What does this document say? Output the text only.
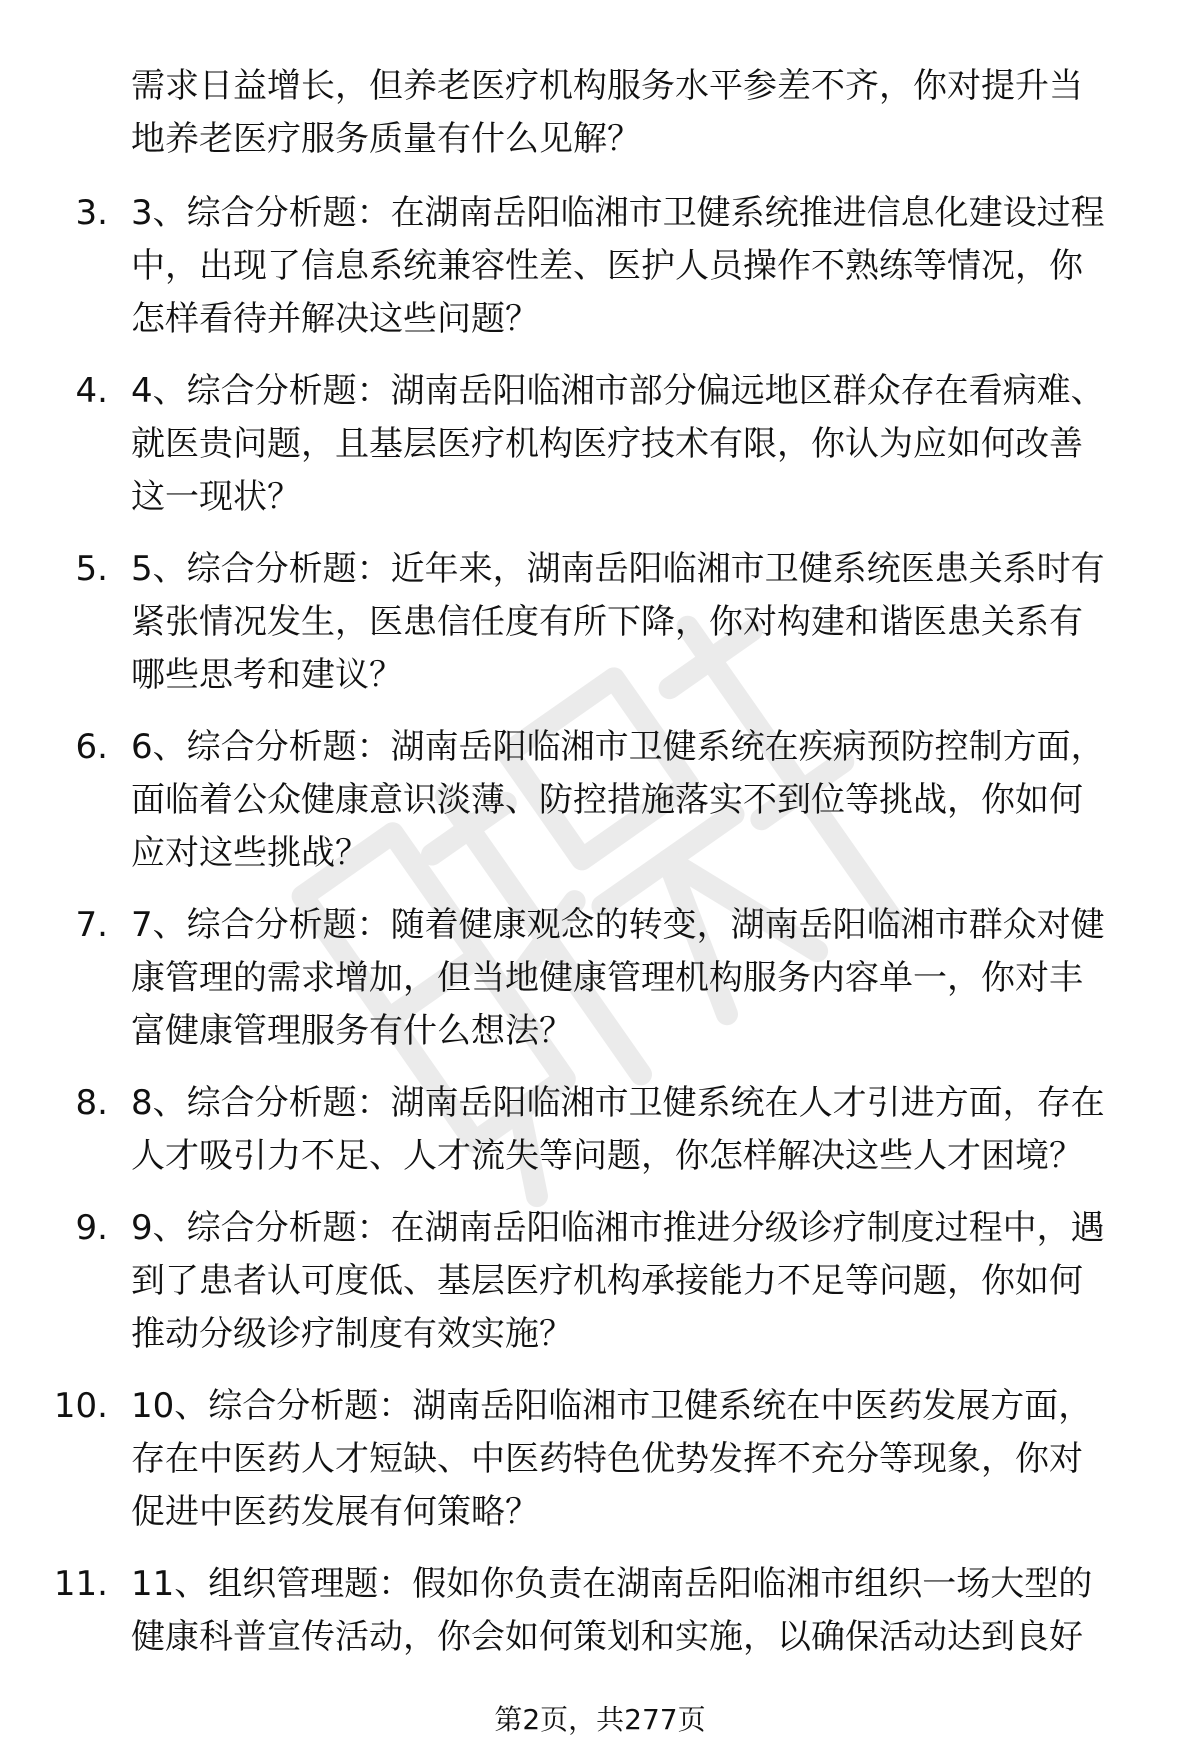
需求日益增长，但养老医疗机构服务水平参差不齐，你对提升当
地养老医疗服务质量有什么见解？
3. 3、综合分析题：在湖南岳阳临湘市卫健系统推进信息化建设过程
中，出现了信息系统兼容性差、医护人员操作不熟练等情况，你
怎样看待并解决这些问题？
4. 4、综合分析题：湖南岳阳临湘市部分偏远地区群众存在看病难、
就医贵问题，且基层医疗机构医疗技术有限，你认为应如何改善
这一现状？
5. 5、综合分析题：近年来，湖南岳阳临湘市卫健系统医患关系时有
紧张情况发生，医患信任度有所下降，你对构建和谐医患关系有
哪些思考和建议？
6. 6、综合分析题：湖南岳阳临湘市卫健系统在疾病预防控制方面，
面临着公众健康意识淡薄、防控措施落实不到位等挑战，你如何
应对这些挑战？
7. 7、综合分析题：随着健康观念的转变，湖南岳阳临湘市群众对健
康管理的需求增加，但当地健康管理机构服务内容单一，你对丰
富健康管理服务有什么想法？
8. 8、综合分析题：湖南岳阳临湘市卫健系统在人才引进方面，存在
人才吸引力不足、人才流失等问题，你怎样解决这些人才困境？
9. 9、综合分析题：在湖南岳阳临湘市推进分级诊疗制度过程中，遇
到了患者认可度低、基层医疗机构承接能力不足等问题，你如何
推动分级诊疗制度有效实施？
10. 10、综合分析题：湖南岳阳临湘市卫健系统在中医药发展方面，
存在中医药人才短缺、中医药特色优势发挥不充分等现象，你对
促进中医药发展有何策略？
11. 11、组织管理题：假如你负责在湖南岳阳临湘市组织一场大型的
健康科普宣传活动，你会如何策划和实施，以确保活动达到良好
第2页，共277页
